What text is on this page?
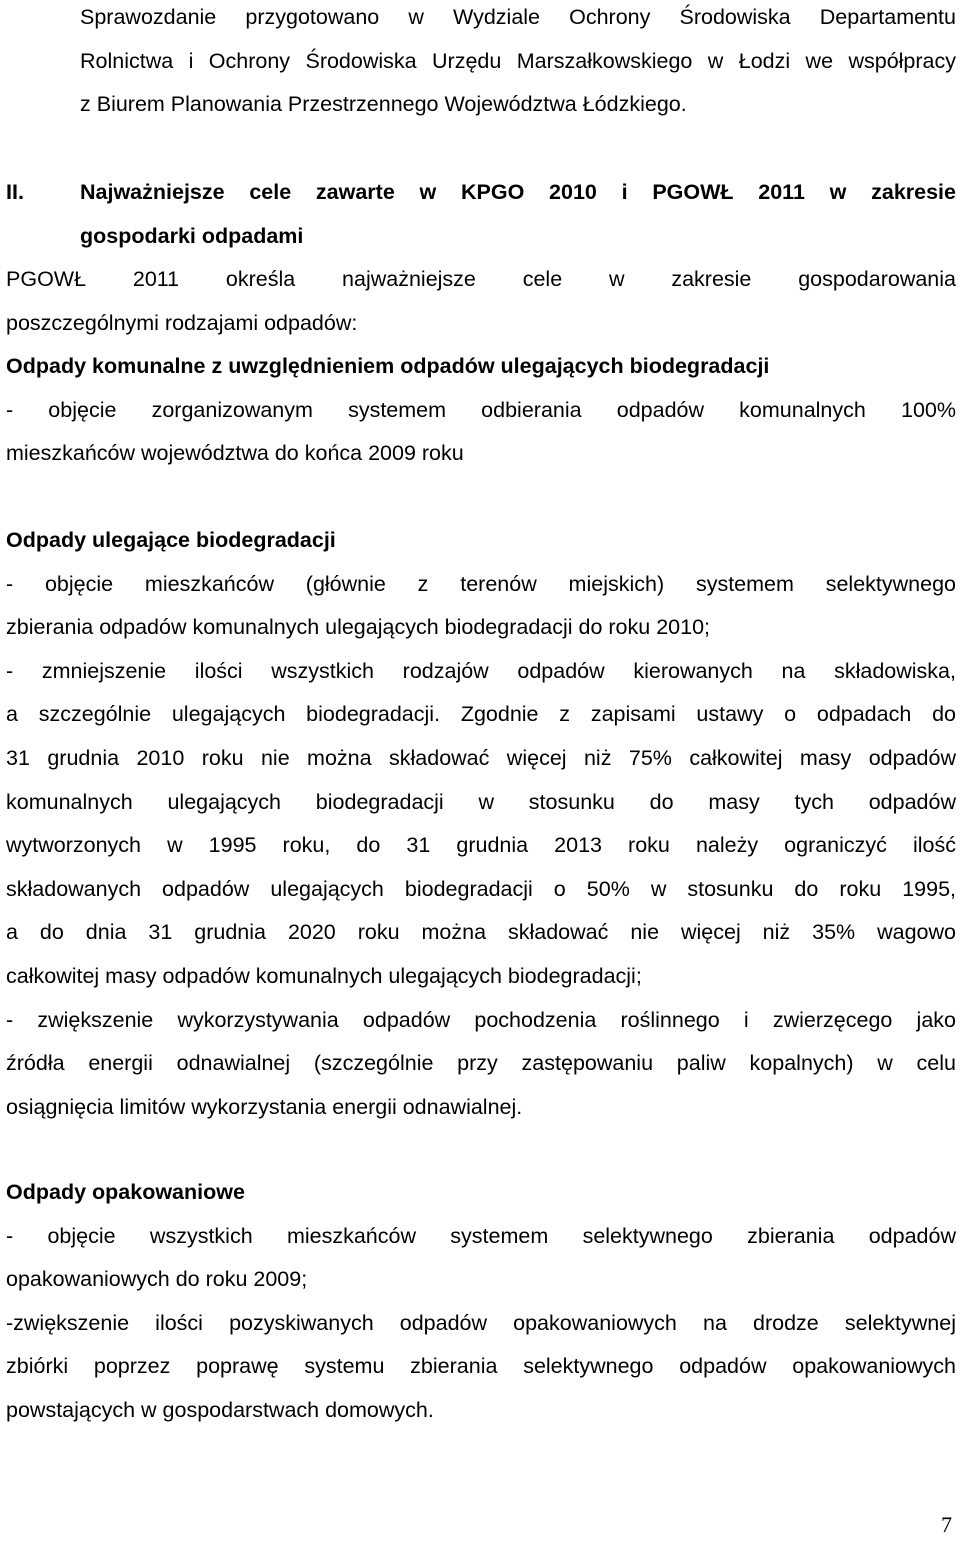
Sprawozdanie przygotowano w Wydziale Ochrony Środowiska Departamentu
Rolnictwa i Ochrony Środowiska Urzędu Marszałkowskiego w Łodzi we współpracy
z Biurem Planowania Przestrzennego Województwa Łódzkiego.
II.	Najważniejsze cele zawarte w KPGO 2010 i PGOWŁ 2011 w zakresie
gospodarki odpadami
PGOWŁ 2011 określa najważniejsze cele w zakresie gospodarowania
poszczególnymi rodzajami odpadów:
Odpady komunalne z uwzględnieniem odpadów ulegających biodegradacji
- objęcie zorganizowanym systemem odbierania odpadów komunalnych 100%
mieszkańców województwa do końca 2009 roku
Odpady ulegające biodegradacji
- objęcie mieszkańców (głównie z terenów miejskich) systemem selektywnego
zbierania odpadów komunalnych ulegających biodegradacji do roku 2010;
- zmniejszenie ilości wszystkich rodzajów odpadów kierowanych na składowiska,
a szczególnie ulegających biodegradacji. Zgodnie z zapisami ustawy o odpadach do
31 grudnia 2010 roku nie można składować więcej niż 75% całkowitej masy odpadów
komunalnych ulegających biodegradacji w stosunku do masy tych odpadów
wytworzonych w 1995 roku, do 31 grudnia 2013 roku należy ograniczyć ilość
składowanych odpadów ulegających biodegradacji o 50% w stosunku do roku 1995,
a do dnia 31 grudnia 2020 roku można składować nie więcej niż 35% wagowo
całkowitej masy odpadów komunalnych ulegających biodegradacji;
- zwiększenie wykorzystywania odpadów pochodzenia roślinnego i zwierzęcego jako
źródła energii odnawialnej (szczególnie przy zastępowaniu paliw kopalnych) w celu
osiągnięcia limitów wykorzystania energii odnawialnej.
Odpady opakowaniowe
- objęcie wszystkich mieszkańców systemem selektywnego zbierania odpadów
opakowaniowych do roku 2009;
-zwiększenie ilości pozyskiwanych odpadów opakowaniowych na drodze selektywnej
zbiórki poprzez poprawę systemu zbierania selektywnego odpadów opakowaniowych
powstających w gospodarstwach domowych.
7
